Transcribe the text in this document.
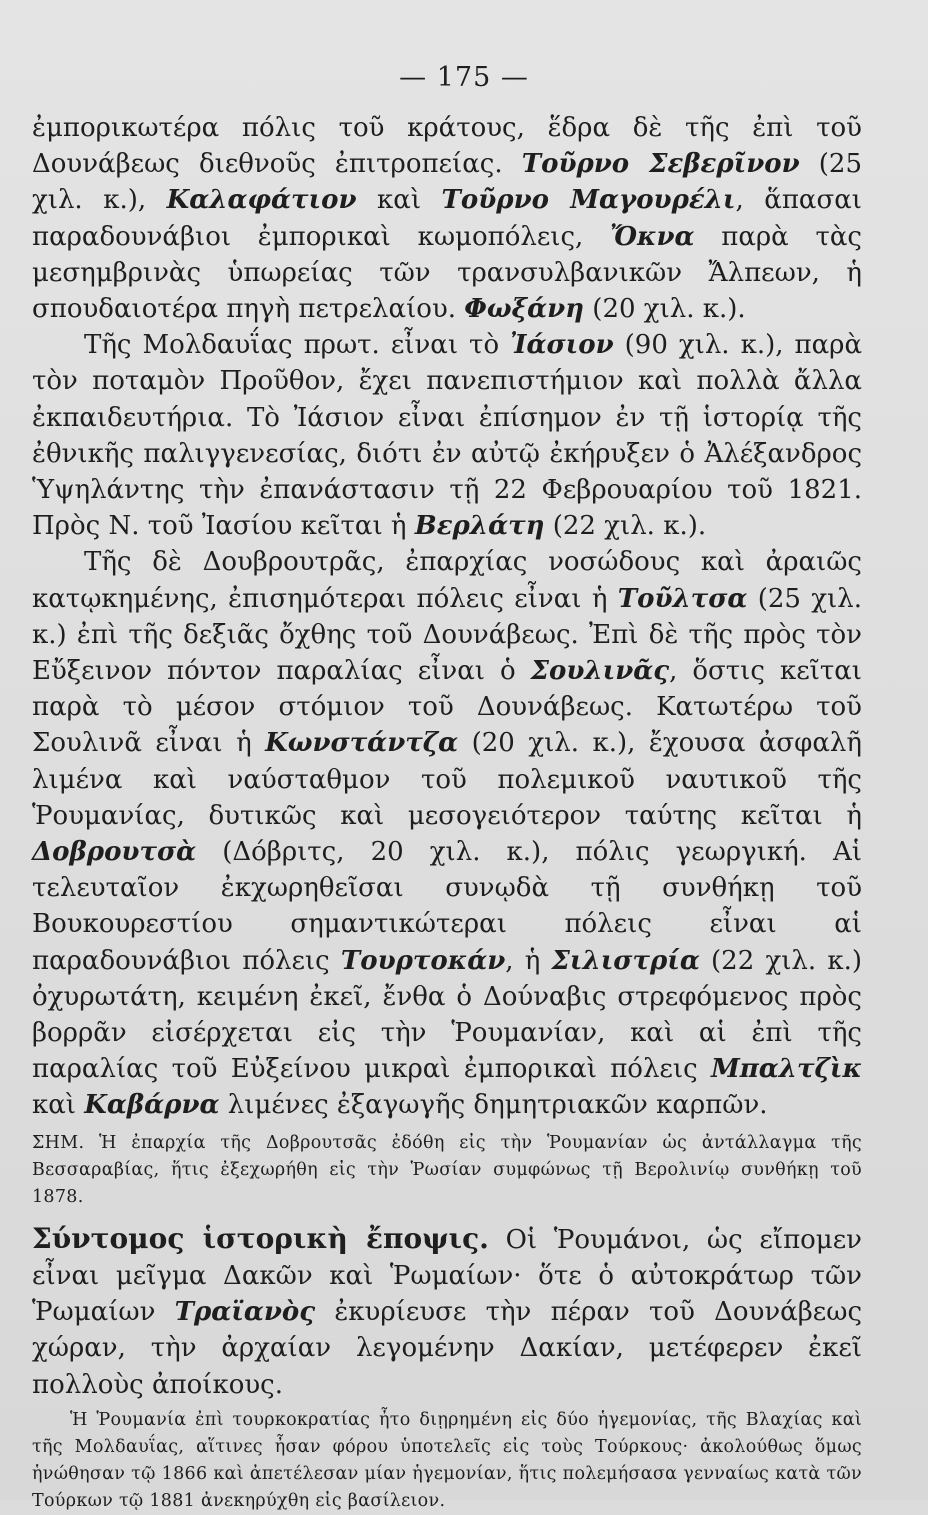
— 175 —

ἐμπορικωτέρα πόλις τοῦ κράτους, ἕδρα δὲ τῆς ἐπὶ τοῦ Δουνάβεως διεθνοῦς ἐπιτροπείας. Τοῦρνο Σεβερῖνον (25 χιλ. κ.), Καλαφάτιον καὶ Τοῦρνο Μαγουρέλι, ἅπασαι παραδουνάβιοι ἐμπορικαὶ κωμοπόλεις, Ὄκνα παρὰ τὰς μεσημβρινὰς ὑπωρείας τῶν τρανσυλβανικῶν Ἄλπεων, ἡ σπουδαιοτέρα πηγὴ πετρελαίου. Φωξάνη (20 χιλ. κ.).

Τῆς Μολδαυΐας πρωτ. εἶναι τὸ Ἰάσιον (90 χιλ. κ.), παρὰ τὸν ποταμὸν Προῦθον, ἔχει πανεπιστήμιον καὶ πολλὰ ἄλλα ἐκπαιδευτήρια. Τὸ Ἰάσιον εἶναι ἐπίσημον ἐν τῇ ἱστορίᾳ τῆς ἐθνικῆς παλιγγενεσίας, διότι ἐν αὐτῷ ἐκήρυξεν ὁ Ἀλέξανδρος Ὑψηλάντης τὴν ἐπανάστασιν τῇ 22 Φεβρουαρίου τοῦ 1821. Πρὸς Ν. τοῦ Ἰασίου κεῖται ἡ Βερλάτη (22 χιλ. κ.).

Τῆς δὲ Δουβρουτρᾶς, ἐπαρχίας νοσώδους καὶ ἀραιῶς κατῳκημένης, ἐπισημότεραι πόλεις εἶναι ἡ Τοῦλτσα (25 χιλ. κ.) ἐπὶ τῆς δεξιᾶς ὄχθης τοῦ Δουνάβεως. Ἐπὶ δὲ τῆς πρὸς τὸν Εὔξεινον πόντον παραλίας εἶναι ὁ Σουλινᾶς, ὅστις κεῖται παρὰ τὸ μέσον στόμιον τοῦ Δουνάβεως. Κατωτέρω τοῦ Σουλινᾶ εἶναι ἡ Κωνστάντζα (20 χιλ. κ.), ἔχουσα ἀσφαλῆ λιμένα καὶ ναύσταθμον τοῦ πολεμικοῦ ναυτικοῦ τῆς Ῥουμανίας, δυτικῶς καὶ μεσογειότερον ταύτης κεῖται ἡ Δοβρουτσὰ (Δόβριτς, 20 χιλ. κ.), πόλις γεωργική. Αἱ τελευταῖον ἐκχωρηθεῖσαι συνῳδὰ τῇ συνθήκῃ τοῦ Βουκουρεστίου σημαντικώτεραι πόλεις εἶναι αἱ παραδουνάβιοι πόλεις Τουρτοκάν, ἡ Σιλιστρία (22 χιλ. κ.) ὀχυρωτάτη, κειμένη ἐκεῖ, ἔνθα ὁ Δούναβις στρεφόμενος πρὸς βορρᾶν εἰσέρχεται εἰς τὴν Ῥουμανίαν, καὶ αἱ ἐπὶ τῆς παραλίας τοῦ Εὐξείνου μικραὶ ἐμπορικαὶ πόλεις Μπαλτζὶκ καὶ Καβάρνα λιμένες ἐξαγωγῆς δημητριακῶν καρπῶν.

ΣΗΜ. Ἡ ἐπαρχία τῆς Δοβρουτσᾶς ἐδόθη εἰς τὴν Ῥουμανίαν ὡς ἀντάλλαγμα τῆς Βεσσαραβίας, ἥτις ἐξεχωρήθη εἰς τὴν Ῥωσίαν συμφώνως τῇ Βερολινίῳ συνθήκῃ τοῦ 1878.

Σύντομος ἱστορικὴ ἔποψις. Οἱ Ῥουμάνοι, ὡς εἴπομεν εἶναι μεῖγμα Δακῶν καὶ Ῥωμαίων· ὅτε ὁ αὐτοκράτωρ τῶν Ῥωμαίων Τραϊανὸς ἐκυρίευσε τὴν πέραν τοῦ Δουνάβεως χώραν, τὴν ἀρχαίαν λεγομένην Δακίαν, μετέφερεν ἐκεῖ πολλοὺς ἀποίκους.

Ἡ Ῥουμανία ἐπὶ τουρκοκρατίας ἦτο διῃρημένη εἰς δύο ἡγεμονίας, τῆς Βλαχίας καὶ τῆς Μολδαυΐας, αἵτινες ἦσαν φόρου ὑποτελεῖς εἰς τοὺς Τούρκους· ἀκολούθως ὅμως ἡνώθησαν τῷ 1866 καὶ ἀπετέλεσαν μίαν ἡγεμονίαν, ἥτις πολεμήσασα γενναίως κατὰ τῶν Τούρκων τῷ 1881 ἀνεκηρύχθη εἰς βασίλειον.
